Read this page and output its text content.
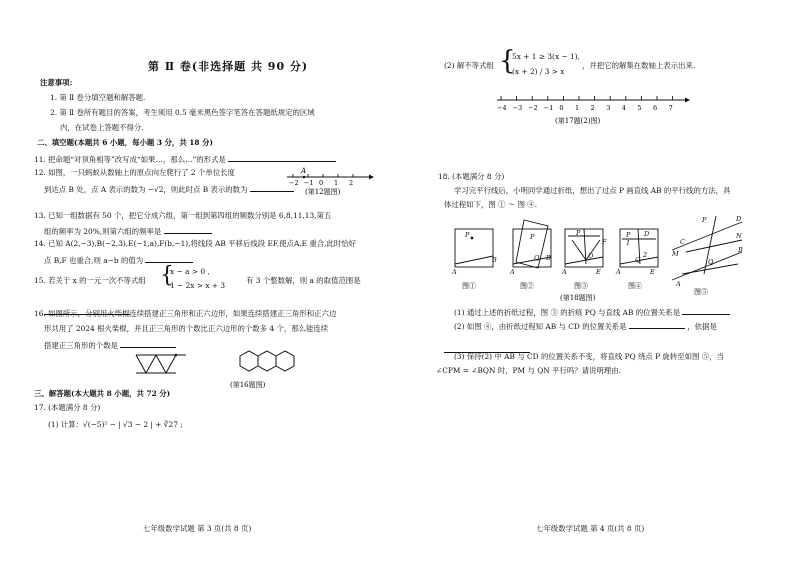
第 Ⅱ 卷(非选择题 共 90 分)
注意事项:
1. 第 Ⅱ 卷分填空题和解答题.
2. 第 Ⅱ 卷所有题目的答案，考生须用 0.5 毫米黑色签字笔答在答题纸规定的区域
内，在试卷上答题不得分.
二、填空题(本题共 6 小题，每小题 3 分，共 18 分)
11. 把命题“对顶角相等”改写成“如果…，那么…”的形式是
12. 如图，一只蚂蚁从数轴上的原点向左爬行了 2 个单位长度
到达点 B 处，点 A 表示的数为 −√2，则此时点 B 表示的数为
−2 −1 0 1 2
A
(第12题图)
13. 已知一组数据有 50 个，把它分成六组，第一组到第四组的频数分别是 6,8,11,13,第五
组的频率为 20%,则第六组的频率是
14. 已知 A(2,−3),B(−2,3),E(−1,a),F(b,−1),将线段 AB 平移后线段 EF,使点A,E 重合,此时恰好
点 B,F 也重合,则 a−b 的值为
15. 若关于 x 的一元一次不等式组 {
x − a > 0 ,
1 − 2x > x + 3
有 3 个整数解，则 a 的取值范围是
16. 如图所示，分别用火柴棍连续搭建正三角形和正六边形，如果连续搭建正三角形和正六边
形共用了 2024 根火柴棍，并且正三角形的个数比正六边形的个数多 4 个，那么能连续
搭建正三角形的个数是
(第16题图)
三、解答题(本大题共 8 小题，共 72 分)
17. (本题满分 8 分)
(1) 计算：√(−5)² − | √3 − 2 | + ∛27 ;
七年级数学试题 第 3 页(共 8 页)
(2) 解不等式组 {
5x + 1 ≥ 3(x − 1),
(x + 2) / 3 > x
，并把它的解集在数轴上表示出来.
−4 −3 −2 −1 0 1 2 3 4 5 6 7
(第17题(2)图)
18. (本题满分 8 分)
学习完平行线后，小明同学通过折纸，想出了过点 P 画直线 AB 的平行线的方法，具
体过程如下，图 ① ～ 图 ④.
P
A
B
P
A
B
Q
P
A	E
Q
F
P D
1
2
Q
A	E
P	D
N
M	B
Q
A
C
图①	图②	图③	图④
图⑤
(第18题图)
(1) 通过上述的折纸过程，图 ③ 的折痕 PQ 与直线 AB 的位置关系是
(2) 如图 ④，由折纸过程知 AB 与 CD 的位置关系是	，依据是
(3) 保持(2) 中 AB 与 CD 的位置关系不变，将直线 PQ 绕点 P 旋转至如图 ⑤，当
∠CPM = ∠BQN 时，PM 与 QN 平行吗？请说明理由.
七年级数学试题 第 4 页(共 8 页)
